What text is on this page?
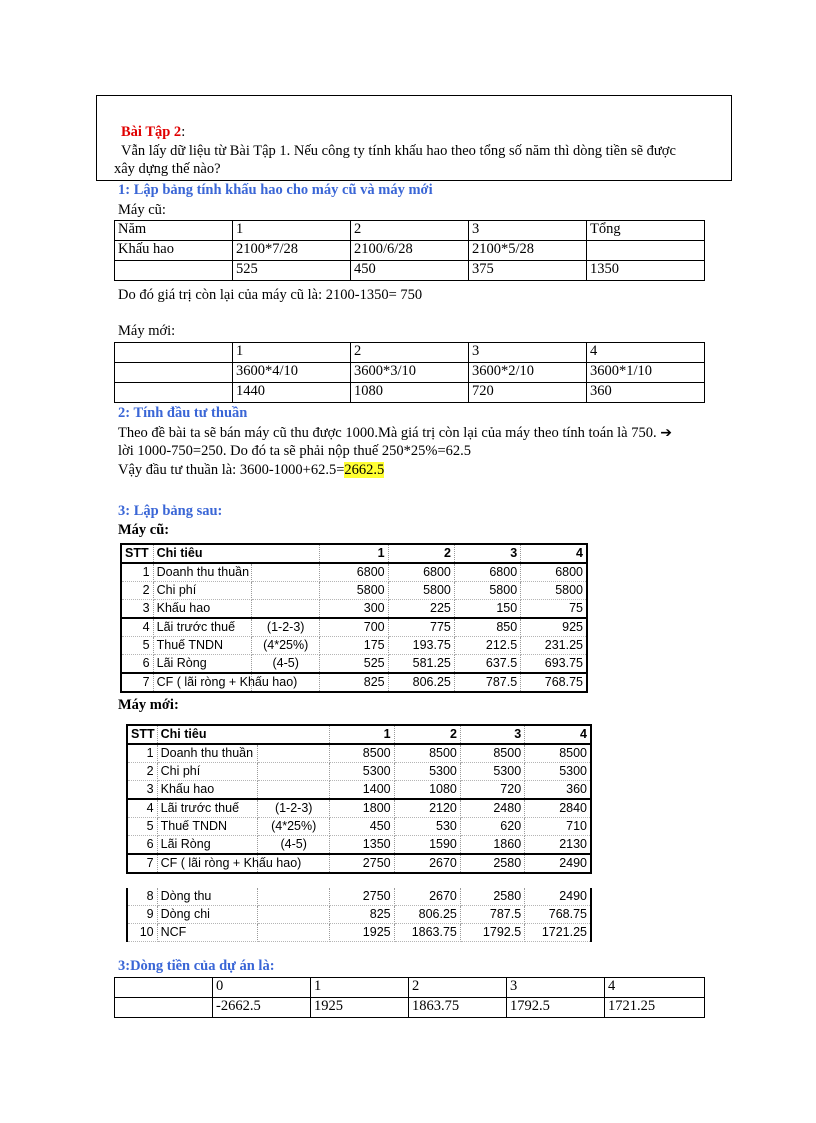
Bài Tập 2:
Vẫn lấy dữ liệu từ Bài Tập 1. Nếu công ty tính khấu hao theo tổng số năm thì dòng tiền sẽ được
xây dựng thế nào?
1: Lập bảng tính khấu hao cho máy cũ và máy mới
Máy cũ:
Năm	1	2	3	Tổng
Khấu hao	2100*7/28	2100/6/28	2100*5/28	
	525	450	375	1350
Do đó giá trị còn lại của máy cũ là: 2100-1350= 750
Máy mới:
	1	2	3	4
	3600*4/10	3600*3/10	3600*2/10	3600*1/10
	1440	1080	720	360
2: Tính đầu tư thuần
Theo đề bài ta sẽ bán máy cũ thu được 1000.Mà giá trị còn lại của máy theo tính toán là 750. ➔
lời 1000-750=250. Do đó ta sẽ phải nộp thuế 250*25%=62.5
Vậy đầu tư thuần là: 3600-1000+62.5=2662.5
3: Lập bảng sau:
Máy cũ:
STT	Chi tiêu		1	2	3	4
1	Doanh thu thuần		6800	6800	6800	6800
2	Chi phí		5800	5800	5800	5800
3	Khấu hao		300	225	150	75
4	Lãi trước thuế	(1-2-3)	700	775	850	925
5	Thuế TNDN	(4*25%)	175	193.75	212.5	231.25
6	Lãi Ròng	(4-5)	525	581.25	637.5	693.75
7	CF ( lãi ròng + Khấu hao)		825	806.25	787.5	768.75
Máy mới:
STT	Chi tiêu		1	2	3	4
1	Doanh thu thuần		8500	8500	8500	8500
2	Chi phí		5300	5300	5300	5300
3	Khấu hao		1400	1080	720	360
4	Lãi trước thuế	(1-2-3)	1800	2120	2480	2840
5	Thuế TNDN	(4*25%)	450	530	620	710
6	Lãi Ròng	(4-5)	1350	1590	1860	2130
7	CF ( lãi ròng + Khấu hao)		2750	2670	2580	2490
8	Dòng thu		2750	2670	2580	2490
9	Dòng chi		825	806.25	787.5	768.75
10	NCF		1925	1863.75	1792.5	1721.25
3:Dòng tiền của dự án là:
	0	1	2	3	4
	-2662.5	1925	1863.75	1792.5	1721.25
